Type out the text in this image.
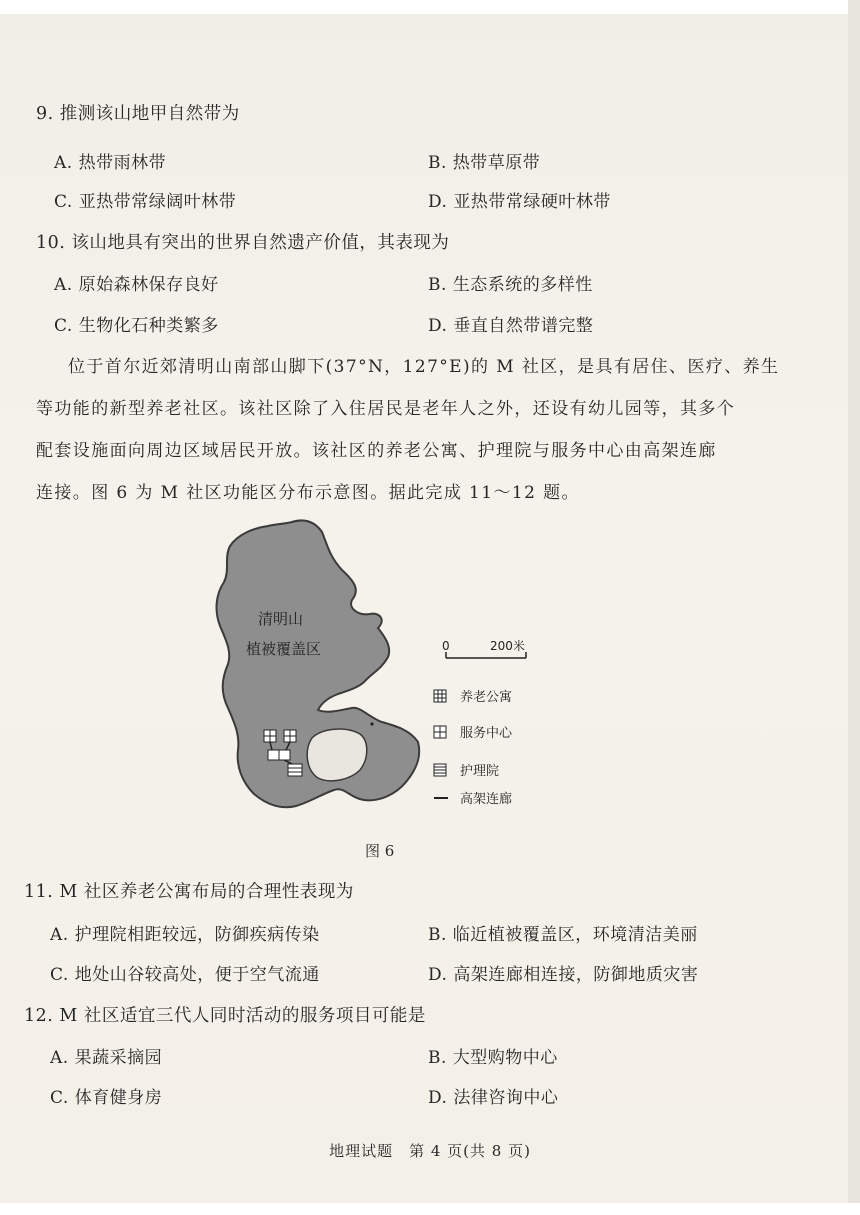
9. 推测该山地甲自然带为
A. 热带雨林带	B. 热带草原带
C. 亚热带常绿阔叶林带	D. 亚热带常绿硬叶林带
10. 该山地具有突出的世界自然遗产价值，其表现为
A. 原始森林保存良好	B. 生态系统的多样性
C. 生物化石种类繁多	D. 垂直自然带谱完整
位于首尔近郊清明山南部山脚下(37°N，127°E)的 M 社区，是具有居住、医疗、养生
等功能的新型养老社区。该社区除了入住居民是老年人之外，还设有幼儿园等，其多个
配套设施面向周边区域居民开放。该社区的养老公寓、护理院与服务中心由高架连廊
连接。图 6 为 M 社区功能区分布示意图。据此完成 11～12 题。
清明山
植被覆盖区	0	200米
养老公寓
服务中心
护理院
高架连廊
图 6
11. M 社区养老公寓布局的合理性表现为
A. 护理院相距较远，防御疾病传染	B. 临近植被覆盖区，环境清洁美丽
C. 地处山谷较高处，便于空气流通	D. 高架连廊相连接，防御地质灾害
12. M 社区适宜三代人同时活动的服务项目可能是
A. 果蔬采摘园	B. 大型购物中心
C. 体育健身房	D. 法律咨询中心
地理试题　第 4 页(共 8 页)
